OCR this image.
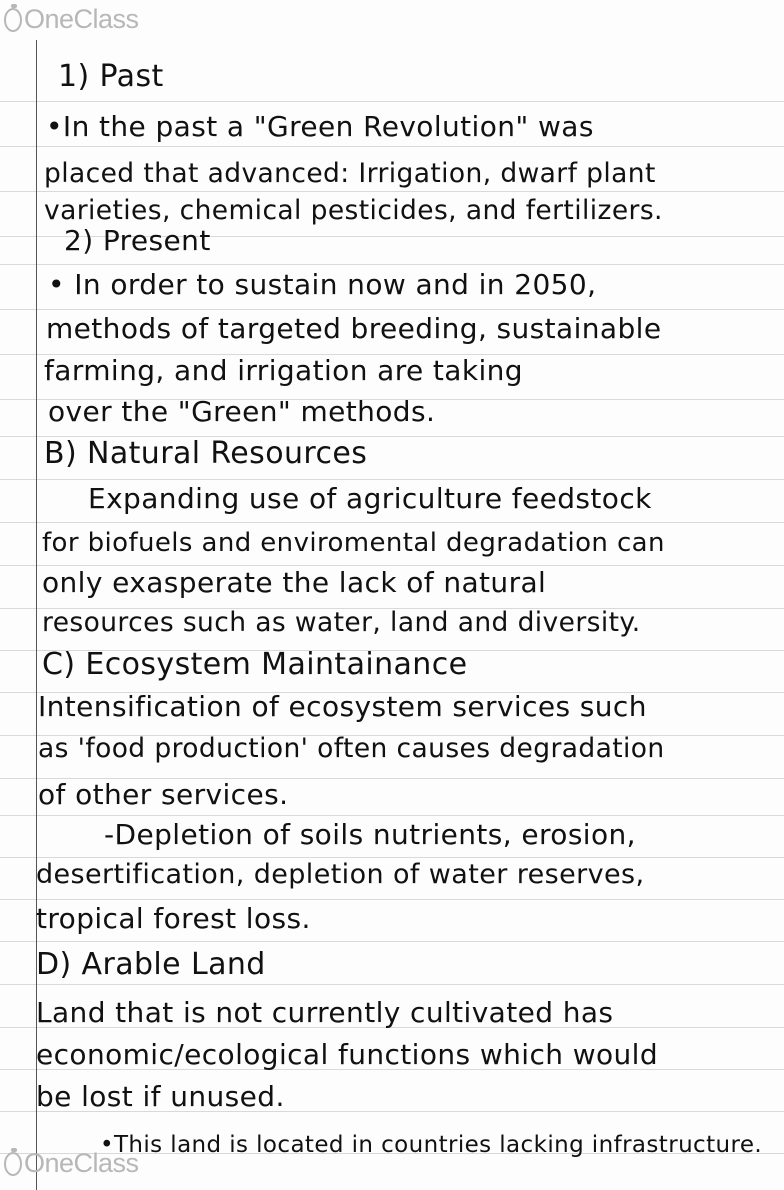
OneClass
1) Past
•In the past a "Green Revolution" was
placed that advanced: Irrigation, dwarf plant
varieties, chemical pesticides, and fertilizers.
2) Present
• In order to sustain now and in 2050,
methods of targeted breeding, sustainable
farming, and irrigation are taking
over the "Green" methods.
B) Natural Resources
Expanding use of agriculture feedstock
for biofuels and enviromental degradation can
only exasperate the lack of natural
resources such as water, land and diversity.
C) Ecosystem Maintainance
Intensification of ecosystem services such
as 'food production' often causes degradation
of other services.
-Depletion of soils nutrients, erosion,
desertification, depletion of water reserves,
tropical forest loss.
D) Arable Land
Land that is not currently cultivated has
economic/ecological functions which would
be lost if unused.
•This land is located in countries lacking infrastructure.
OneClass
